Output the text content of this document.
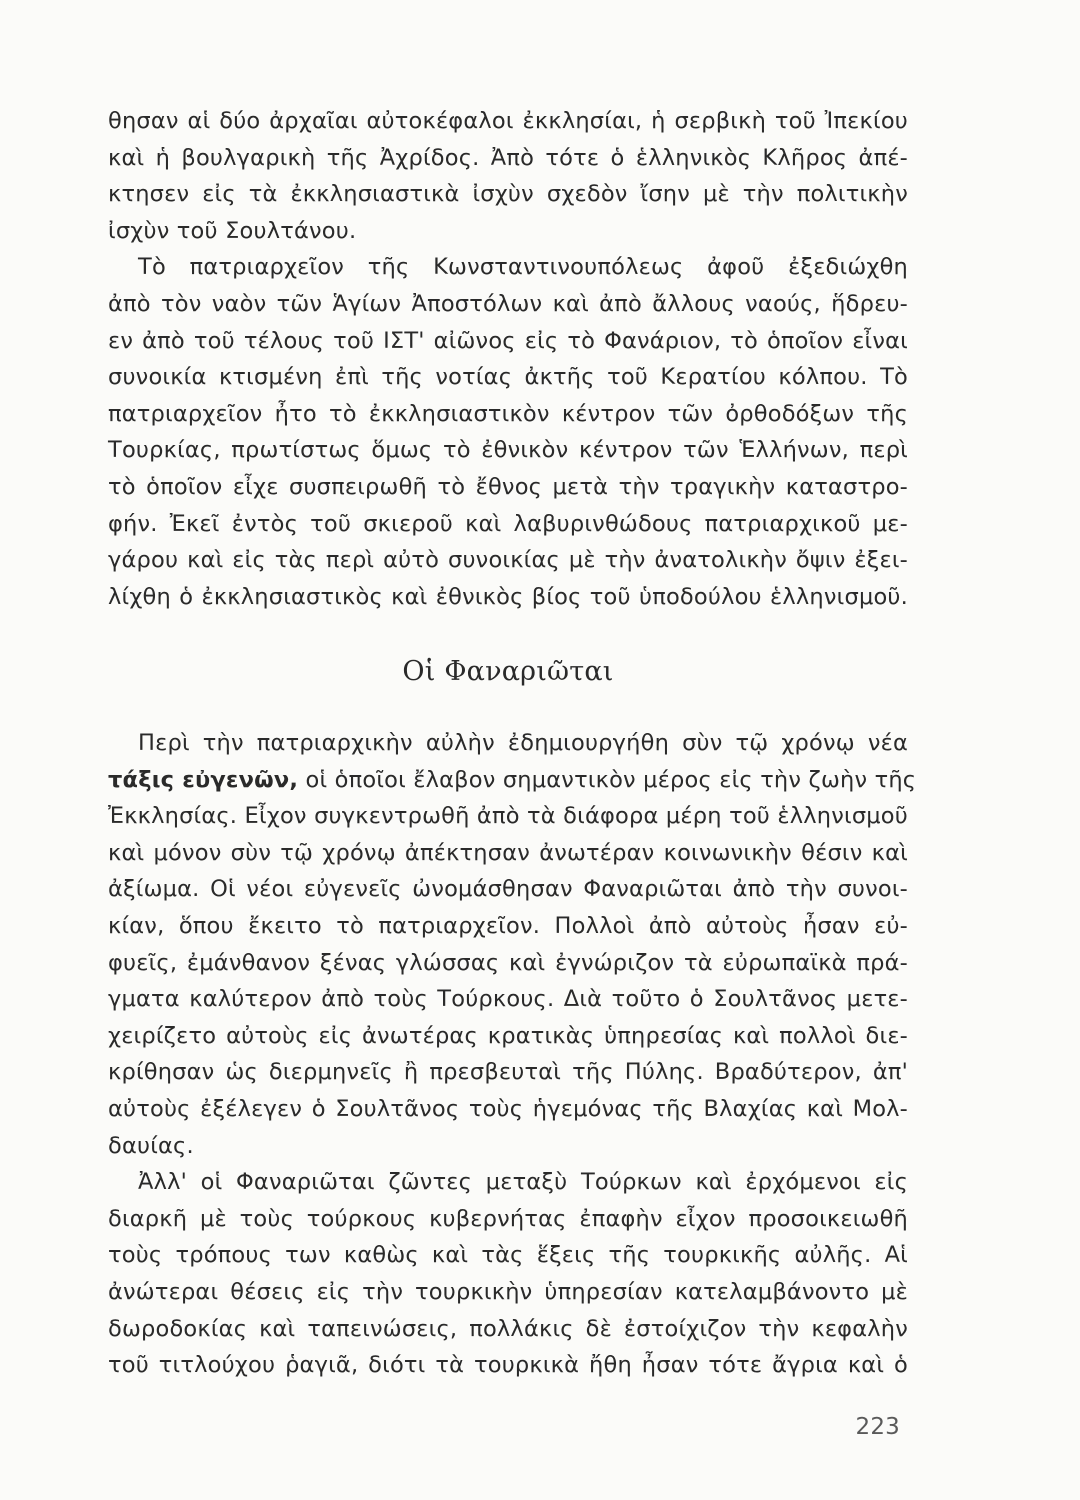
θησαν αἱ δύο ἀρχαῖαι αὐτοκέφαλοι ἐκκλησίαι, ἡ σερβικὴ τοῦ Ἰπεκίου
καὶ ἡ βουλγαρικὴ τῆς Ἀχρίδος. Ἀπὸ τότε ὁ ἑλληνικὸς Κλῆρος ἀπέ-
κτησεν εἰς τὰ ἐκκλησιαστικὰ ἰσχὺν σχεδὸν ἴσην μὲ τὴν πολιτικὴν
ἰσχὺν τοῦ Σουλτάνου.
Τὸ πατριαρχεῖον τῆς Κωνσταντινουπόλεως ἀφοῦ ἐξεδιώχθη
ἀπὸ τὸν ναὸν τῶν Ἁγίων Ἀποστόλων καὶ ἀπὸ ἄλλους ναούς, ἥδρευ-
εν ἀπὸ τοῦ τέλους τοῦ ΙΣΤ' αἰῶνος εἰς τὸ Φανάριον, τὸ ὁποῖον εἶναι
συνοικία κτισμένη ἐπὶ τῆς νοτίας ἀκτῆς τοῦ Κερατίου κόλπου. Τὸ
πατριαρχεῖον ἦτο τὸ ἐκκλησιαστικὸν κέντρον τῶν ὀρθοδόξων τῆς
Τουρκίας, πρωτίστως ὅμως τὸ ἐθνικὸν κέντρον τῶν Ἑλλήνων, περὶ
τὸ ὁποῖον εἶχε συσπειρωθῆ τὸ ἔθνος μετὰ τὴν τραγικὴν καταστρο-
φήν. Ἐκεῖ ἐντὸς τοῦ σκιεροῦ καὶ λαβυρινθώδους πατριαρχικοῦ με-
γάρου καὶ εἰς τὰς περὶ αὐτὸ συνοικίας μὲ τὴν ἀνατολικὴν ὄψιν ἐξει-
λίχθη ὁ ἐκκλησιαστικὸς καὶ ἐθνικὸς βίος τοῦ ὑποδούλου ἑλληνισμοῦ.
Οἱ Φαναριῶται
Περὶ τὴν πατριαρχικὴν αὐλὴν ἐδημιουργήθη σὺν τῷ χρόνῳ νέα
τάξις εὐγενῶν, οἱ ὁποῖοι ἔλαβον σημαντικὸν μέρος εἰς τὴν ζωὴν τῆς
Ἐκκλησίας. Εἶχον συγκεντρωθῆ ἀπὸ τὰ διάφορα μέρη τοῦ ἑλληνισμοῦ
καὶ μόνον σὺν τῷ χρόνῳ ἀπέκτησαν ἀνωτέραν κοινωνικὴν θέσιν καὶ
ἀξίωμα. Οἱ νέοι εὐγενεῖς ὠνομάσθησαν Φαναριῶται ἀπὸ τὴν συνοι-
κίαν, ὅπου ἔκειτο τὸ πατριαρχεῖον. Πολλοὶ ἀπὸ αὐτοὺς ἦσαν εὐ-
φυεῖς, ἐμάνθανον ξένας γλώσσας καὶ ἐγνώριζον τὰ εὐρωπαϊκὰ πρά-
γματα καλύτερον ἀπὸ τοὺς Τούρκους. Διὰ τοῦτο ὁ Σουλτᾶνος μετε-
χειρίζετο αὐτοὺς εἰς ἀνωτέρας κρατικὰς ὑπηρεσίας καὶ πολλοὶ διε-
κρίθησαν ὡς διερμηνεῖς ἢ πρεσβευταὶ τῆς Πύλης. Βραδύτερον, ἀπ'
αὐτοὺς ἐξέλεγεν ὁ Σουλτᾶνος τοὺς ἡγεμόνας τῆς Βλαχίας καὶ Μολ-
δαυίας.
Ἀλλ' οἱ Φαναριῶται ζῶντες μεταξὺ Τούρκων καὶ ἐρχόμενοι εἰς
διαρκῆ μὲ τοὺς τούρκους κυβερνήτας ἐπαφὴν εἶχον προσοικειωθῆ
τοὺς τρόπους των καθὼς καὶ τὰς ἕξεις τῆς τουρκικῆς αὐλῆς. Αἱ
ἀνώτεραι θέσεις εἰς τὴν τουρκικὴν ὑπηρεσίαν κατελαμβάνοντο μὲ
δωροδοκίας καὶ ταπεινώσεις, πολλάκις δὲ ἐστοίχιζον τὴν κεφαλὴν
τοῦ τιτλούχου ῥαγιᾶ, διότι τὰ τουρκικὰ ἤθη ἦσαν τότε ἄγρια καὶ ὁ
223
